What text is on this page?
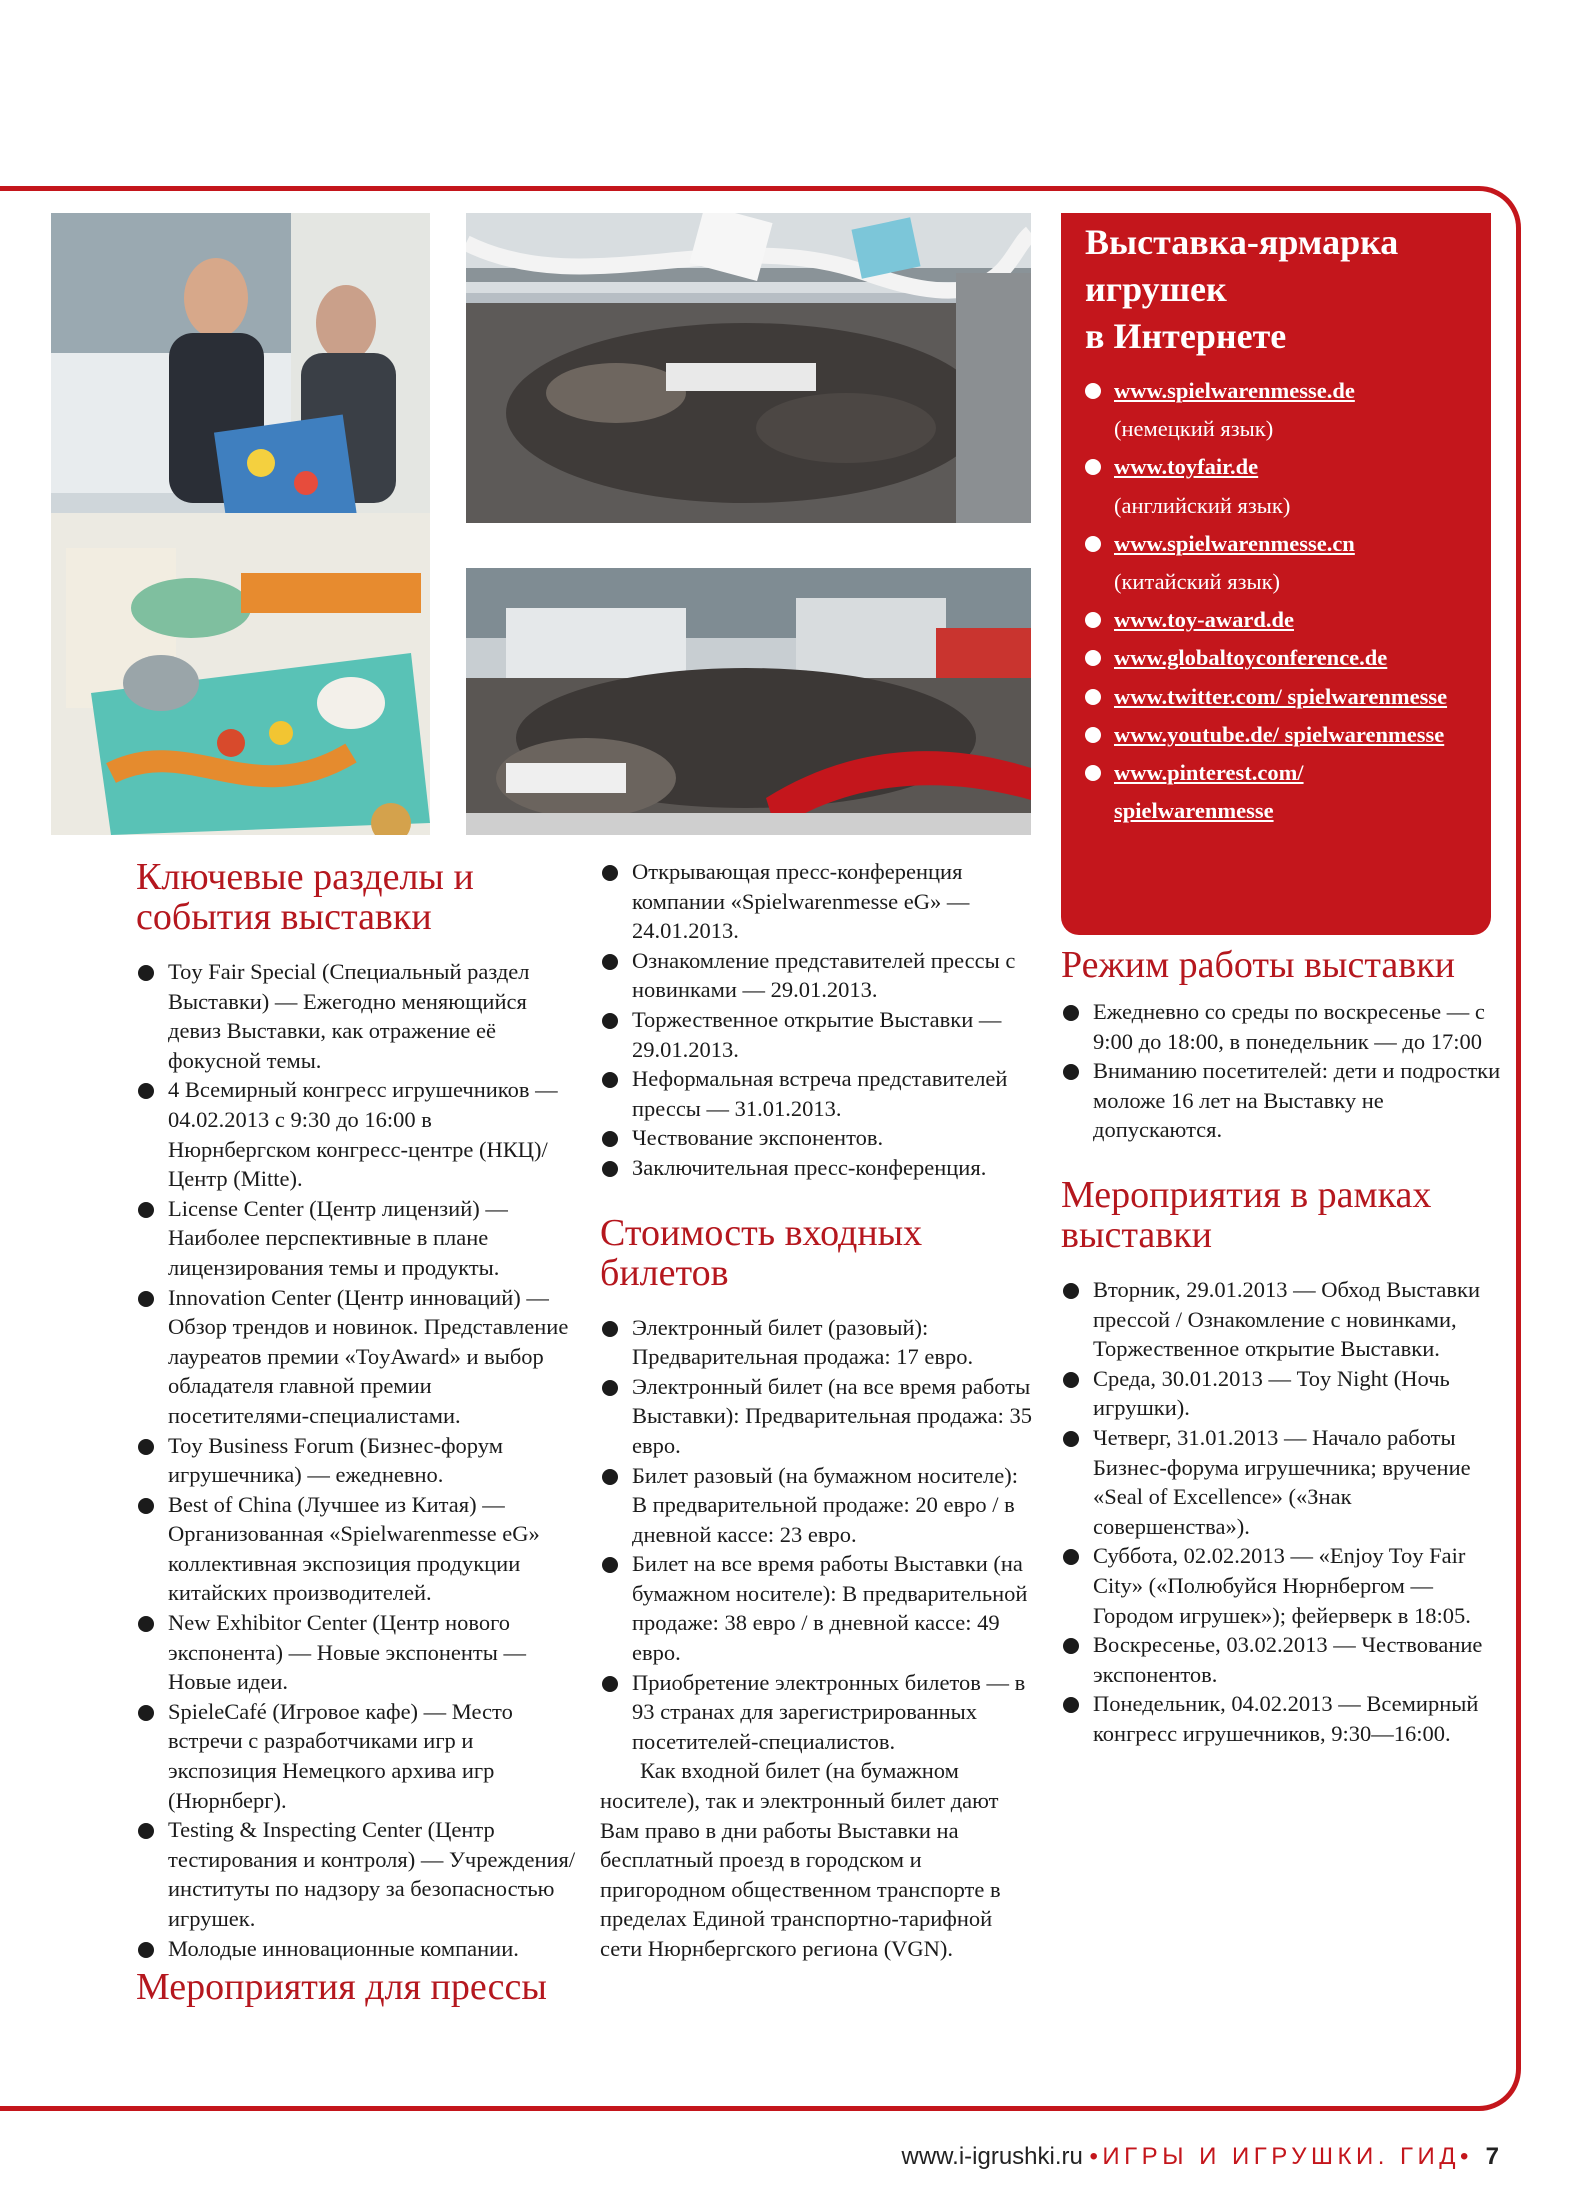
Ключевые разделы и события выставки
Toy Fair Special (Специальный раздел Выставки) — Ежегодно меняющийся девиз Выставки, как отражение её фокусной темы.
4 Всемирный конгресс игрушечников — 04.02.2013 с 9:30 до 16:00 в Нюрнбергском конгресс-центре (НКЦ)/Центр (Mitte).
License Center (Центр лицензий) — Наиболее перспективные в плане лицензирования темы и продукты.
Innovation Center (Центр инноваций) — Обзор трендов и новинок. Представление лауреатов премии «ToyAward» и выбор обладателя главной премии посетителями-специалистами.
Toy Business Forum (Бизнес-форум игрушечника) — ежедневно.
Best of China (Лучшее из Китая) — Организованная «Spielwarenmesse eG» коллективная экспозиция продукции китайских производителей.
New Exhibitor Center (Центр нового экспонента) — Новые экспоненты — Новые идеи.
SpieleCafé (Игровое кафе) — Место встречи с разработчиками игр и экспозиция Немецкого архива игр (Нюрнберг).
Testing & Inspecting Center (Центр тестирования и контроля) — Учреждения/институты по надзору за безопасностью игрушек.
Молодые инновационные компании.
Мероприятия для прессы
Открывающая пресс-конференция компании «Spielwarenmesse eG» — 24.01.2013.
Ознакомление представителей прессы с новинками — 29.01.2013.
Торжественное открытие Выставки — 29.01.2013.
Неформальная встреча представителей прессы — 31.01.2013.
Чествование экспонентов.
Заключительная пресс-конференция.
Стоимость входных билетов
Электронный билет (разовый): Предварительная продажа: 17 евро.
Электронный билет (на все время работы Выставки): Предварительная продажа: 35 евро.
Билет разовый (на бумажном носителе): В предварительной продаже: 20 евро / в дневной кассе: 23 евро.
Билет на все время работы Выставки (на бумажном носителе): В предварительной продаже: 38 евро / в дневной кассе: 49 евро.
Приобретение электронных билетов — в 93 странах для зарегистрированных посетителей-специалистов.
Как входной билет (на бумажном носителе), так и электронный билет дают Вам право в дни работы Выставки на бесплатный проезд в городском и пригородном общественном транспорте в пределах Единой транспортно-тарифной сети Нюрнбергского региона (VGN).
Выставка-ярмарка
игрушек
в Интернете
www.spielwarenmesse.de
(немецкий язык)
www.toyfair.de
(английский язык)
www.spielwarenmesse.cn
(китайский язык)
www.toy-award.de
www.globaltoyconference.de
www.twitter.com/ spielwarenmesse
www.youtube.de/ spielwarenmesse
www.pinterest.com/ spielwarenmesse
Режим работы выставки
Ежедневно со среды по воскресенье — с 9:00 до 18:00, в понедельник — до 17:00
Вниманию посетителей: дети и подростки моложе 16 лет на Выставку не допускаются.
Мероприятия в рамках выставки
Вторник, 29.01.2013 — Обход Выставки прессой / Ознакомление с новинками, Торжественное открытие Выставки.
Среда, 30.01.2013 — Toy Night (Ночь игрушки).
Четверг, 31.01.2013 — Начало работы Бизнес-форума игрушечника; вручение «Seal of Excellence» («Знак совершенства»).
Суббота, 02.02.2013 — «Enjoy Toy Fair City» («Полюбуйся Нюрнбергом — Городом игрушек»); фейерверк в 18:05.
Воскресенье, 03.02.2013 — Чествование экспонентов.
Понедельник, 04.02.2013 — Всемирный конгресс игрушечников, 9:30—16:00.
www.i-igrushki.ru •ИГРЫ И ИГРУШКИ. ГИД• 7
